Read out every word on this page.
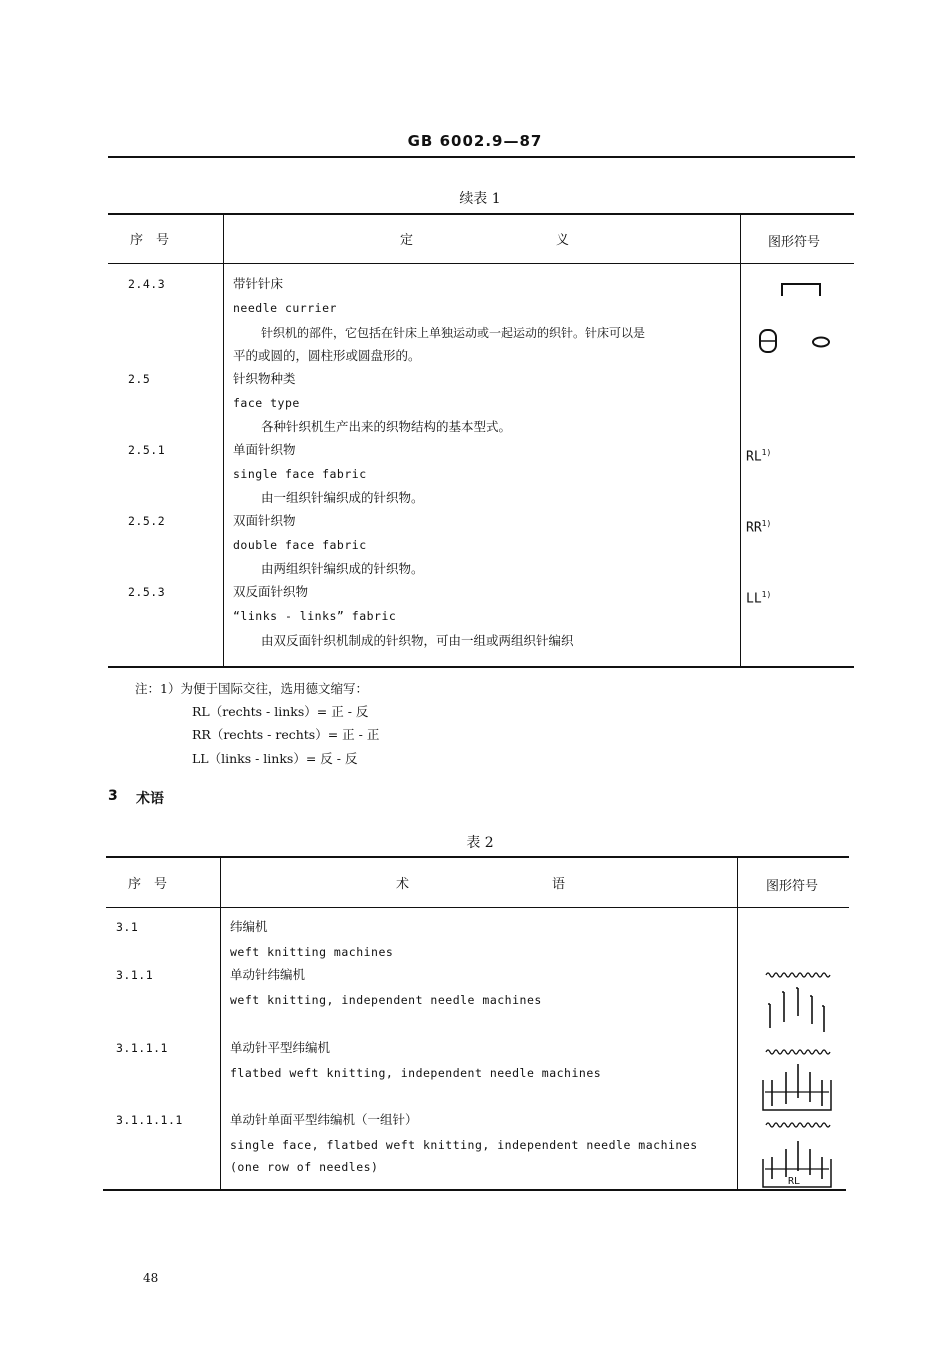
GB 6002.9—87
续表 1
序　号	定	义	图形符号
2.4.3	带针针床
needle currier
针织机的部件，它包括在针床上单独运动或一起运动的织针。针床可以是
平的或圆的，圆柱形或圆盘形的。
2.5	针织物种类
face type
各种针织机生产出来的织物结构的基本型式。
2.5.1	单面针织物
single face fabric
由一组织针编织成的针织物。
RL$^{1)}$
2.5.2	双面针织物
double face fabric
由两组织针编织成的针织物。
RR$^{1)}$
2.5.3	双反面针织物
“links - links” fabric
由双反面针织机制成的针织物，可由一组或两组织针编织
LL$^{1)}$
注：1）为便于国际交往，选用德文缩写：
RL（rechts - links）= 正 - 反
RR（rechts - rechts）= 正 - 正
LL（links - links）= 反 - 反
3 术语
表 2
序　号	术	语	图形符号
3.1	纬编机
weft knitting machines
3.1.1	单动针纬编机
weft knitting, independent needle machines
3.1.1.1	单动针平型纬编机
flatbed weft knitting, independent needle machines
3.1.1.1.1	单动针单面平型纬编机（一组针）
single face, flatbed weft knitting, independent needle machines
(one row of needles)
RL
48
